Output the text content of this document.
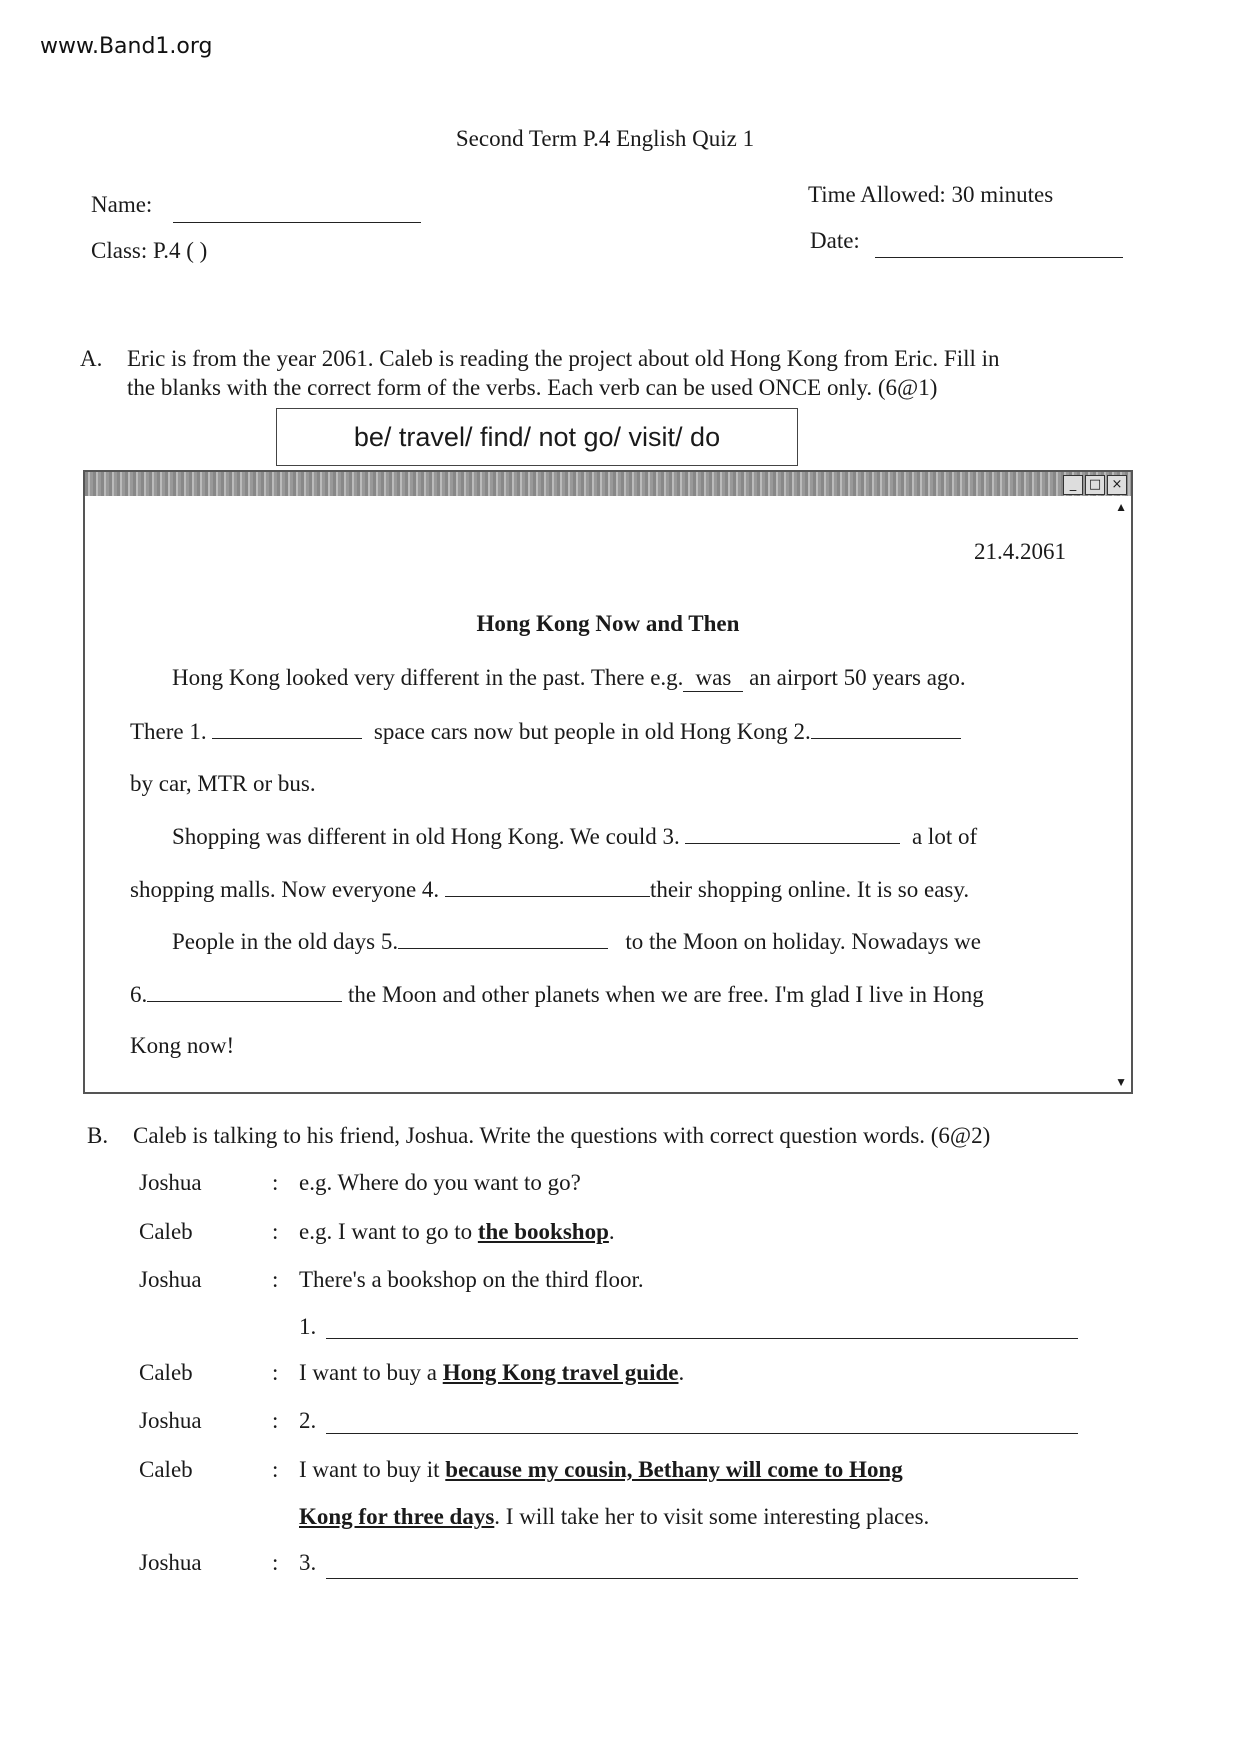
www.Band1.org
Second Term P.4 English Quiz 1
Name:
Class: P.4 ( )
Time Allowed: 30 minutes
Date:
A. Eric is from the year 2061. Caleb is reading the project about old Hong Kong from Eric. Fill in
the blanks with the correct form of the verbs. Each verb can be used ONCE only. (6@1)
be/ travel/ find/ not go/ visit/ do
_ □ ×
▲
▼
21.4.2061
Hong Kong Now and Then
Hong Kong looked very different in the past. There e.g. was an airport 50 years ago.
There 1.	space cars now but people in old Hong Kong 2.
by car, MTR or bus.
Shopping was different in old Hong Kong. We could 3.	a lot of
shopping malls. Now everyone 4.	their shopping online. It is so easy.
People in the old days 5.	to the Moon on holiday. Nowadays we
6.	the Moon and other planets when we are free. I'm glad I live in Hong
Kong now!
B. Caleb is talking to his friend, Joshua. Write the questions with correct question words. (6@2)
Joshua	: e.g. Where do you want to go?
Caleb	: e.g. I want to go to the bookshop.
Joshua	: There's a bookshop on the third floor.
1.
Caleb	: I want to buy a Hong Kong travel guide.
Joshua	: 2.
Caleb	: I want to buy it because my cousin, Bethany will come to Hong
Kong for three days. I will take her to visit some interesting places.
Joshua	: 3.
